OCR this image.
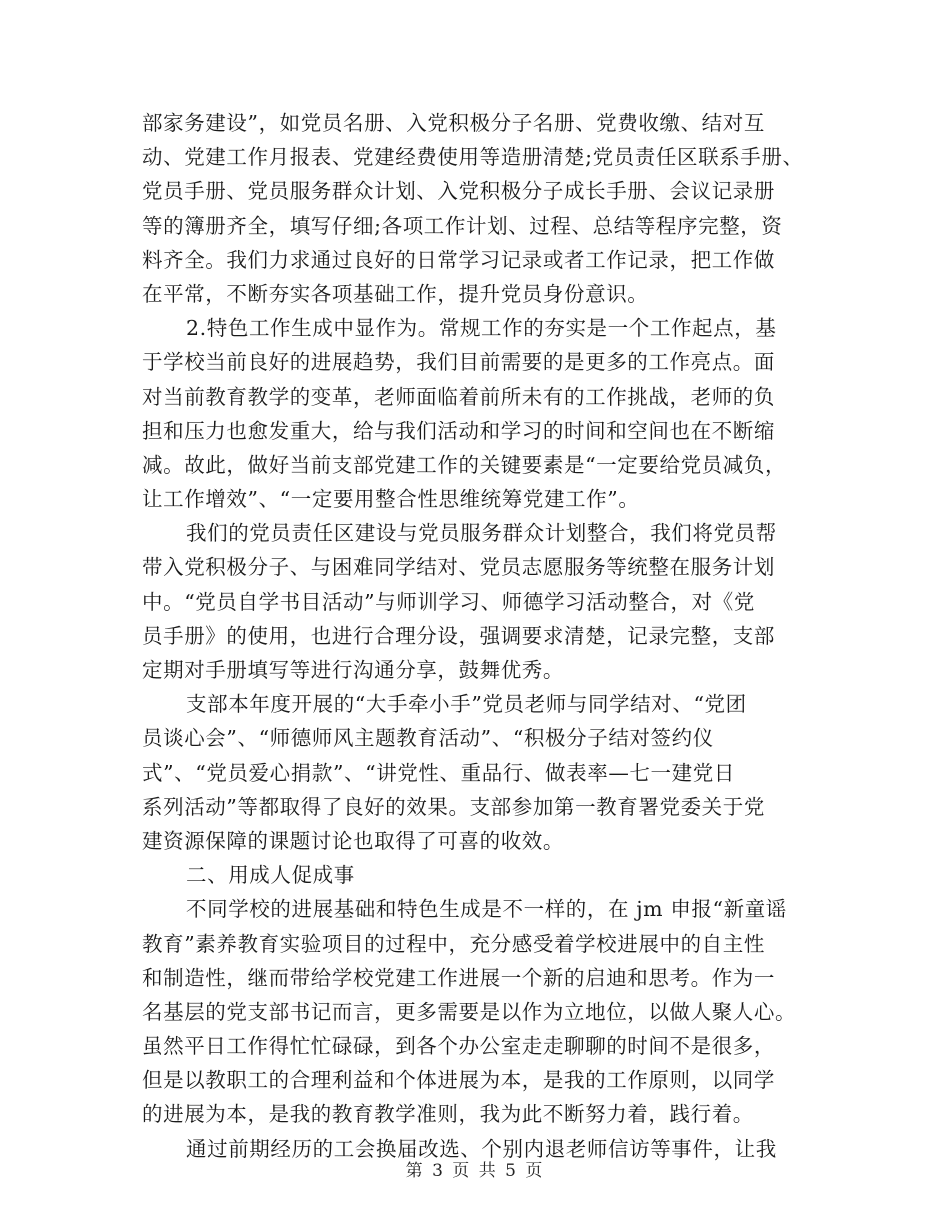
部家务建设”，如党员名册、入党积极分子名册、党费收缴、结对互
动、党建工作月报表、党建经费使用等造册清楚;党员责任区联系手册、
党员手册、党员服务群众计划、入党积极分子成长手册、会议记录册
等的簿册齐全，填写仔细;各项工作计划、过程、总结等程序完整，资
料齐全。我们力求通过良好的日常学习记录或者工作记录，把工作做
在平常，不断夯实各项基础工作，提升党员身份意识。
2.特色工作生成中显作为。常规工作的夯实是一个工作起点，基
于学校当前良好的进展趋势，我们目前需要的是更多的工作亮点。面
对当前教育教学的变革，老师面临着前所未有的工作挑战，老师的负
担和压力也愈发重大，给与我们活动和学习的时间和空间也在不断缩
减。故此，做好当前支部党建工作的关键要素是“一定要给党员减负，
让工作增效”、“一定要用整合性思维统筹党建工作”。
我们的党员责任区建设与党员服务群众计划整合，我们将党员帮
带入党积极分子、与困难同学结对、党员志愿服务等统整在服务计划
中。“党员自学书目活动”与师训学习、师德学习活动整合，对《党
员手册》的使用，也进行合理分设，强调要求清楚，记录完整，支部
定期对手册填写等进行沟通分享，鼓舞优秀。
支部本年度开展的“大手牵小手”党员老师与同学结对、“党团
员谈心会”、“师德师风主题教育活动”、“积极分子结对签约仪
式”、“党员爱心捐款”、“讲党性、重品行、做表率—七一建党日
系列活动”等都取得了良好的效果。支部参加第一教育署党委关于党
建资源保障的课题讨论也取得了可喜的收效。
二、用成人促成事
不同学校的进展基础和特色生成是不一样的，在 jm 申报“新童谣
教育”素养教育实验项目的过程中，充分感受着学校进展中的自主性
和制造性，继而带给学校党建工作进展一个新的启迪和思考。作为一
名基层的党支部书记而言，更多需要是以作为立地位，以做人聚人心。
虽然平日工作得忙忙碌碌，到各个办公室走走聊聊的时间不是很多，
但是以教职工的合理利益和个体进展为本，是我的工作原则，以同学
的进展为本，是我的教育教学准则，我为此不断努力着，践行着。
通过前期经历的工会换届改选、个别内退老师信访等事件，让我
第 3 页 共 5 页
